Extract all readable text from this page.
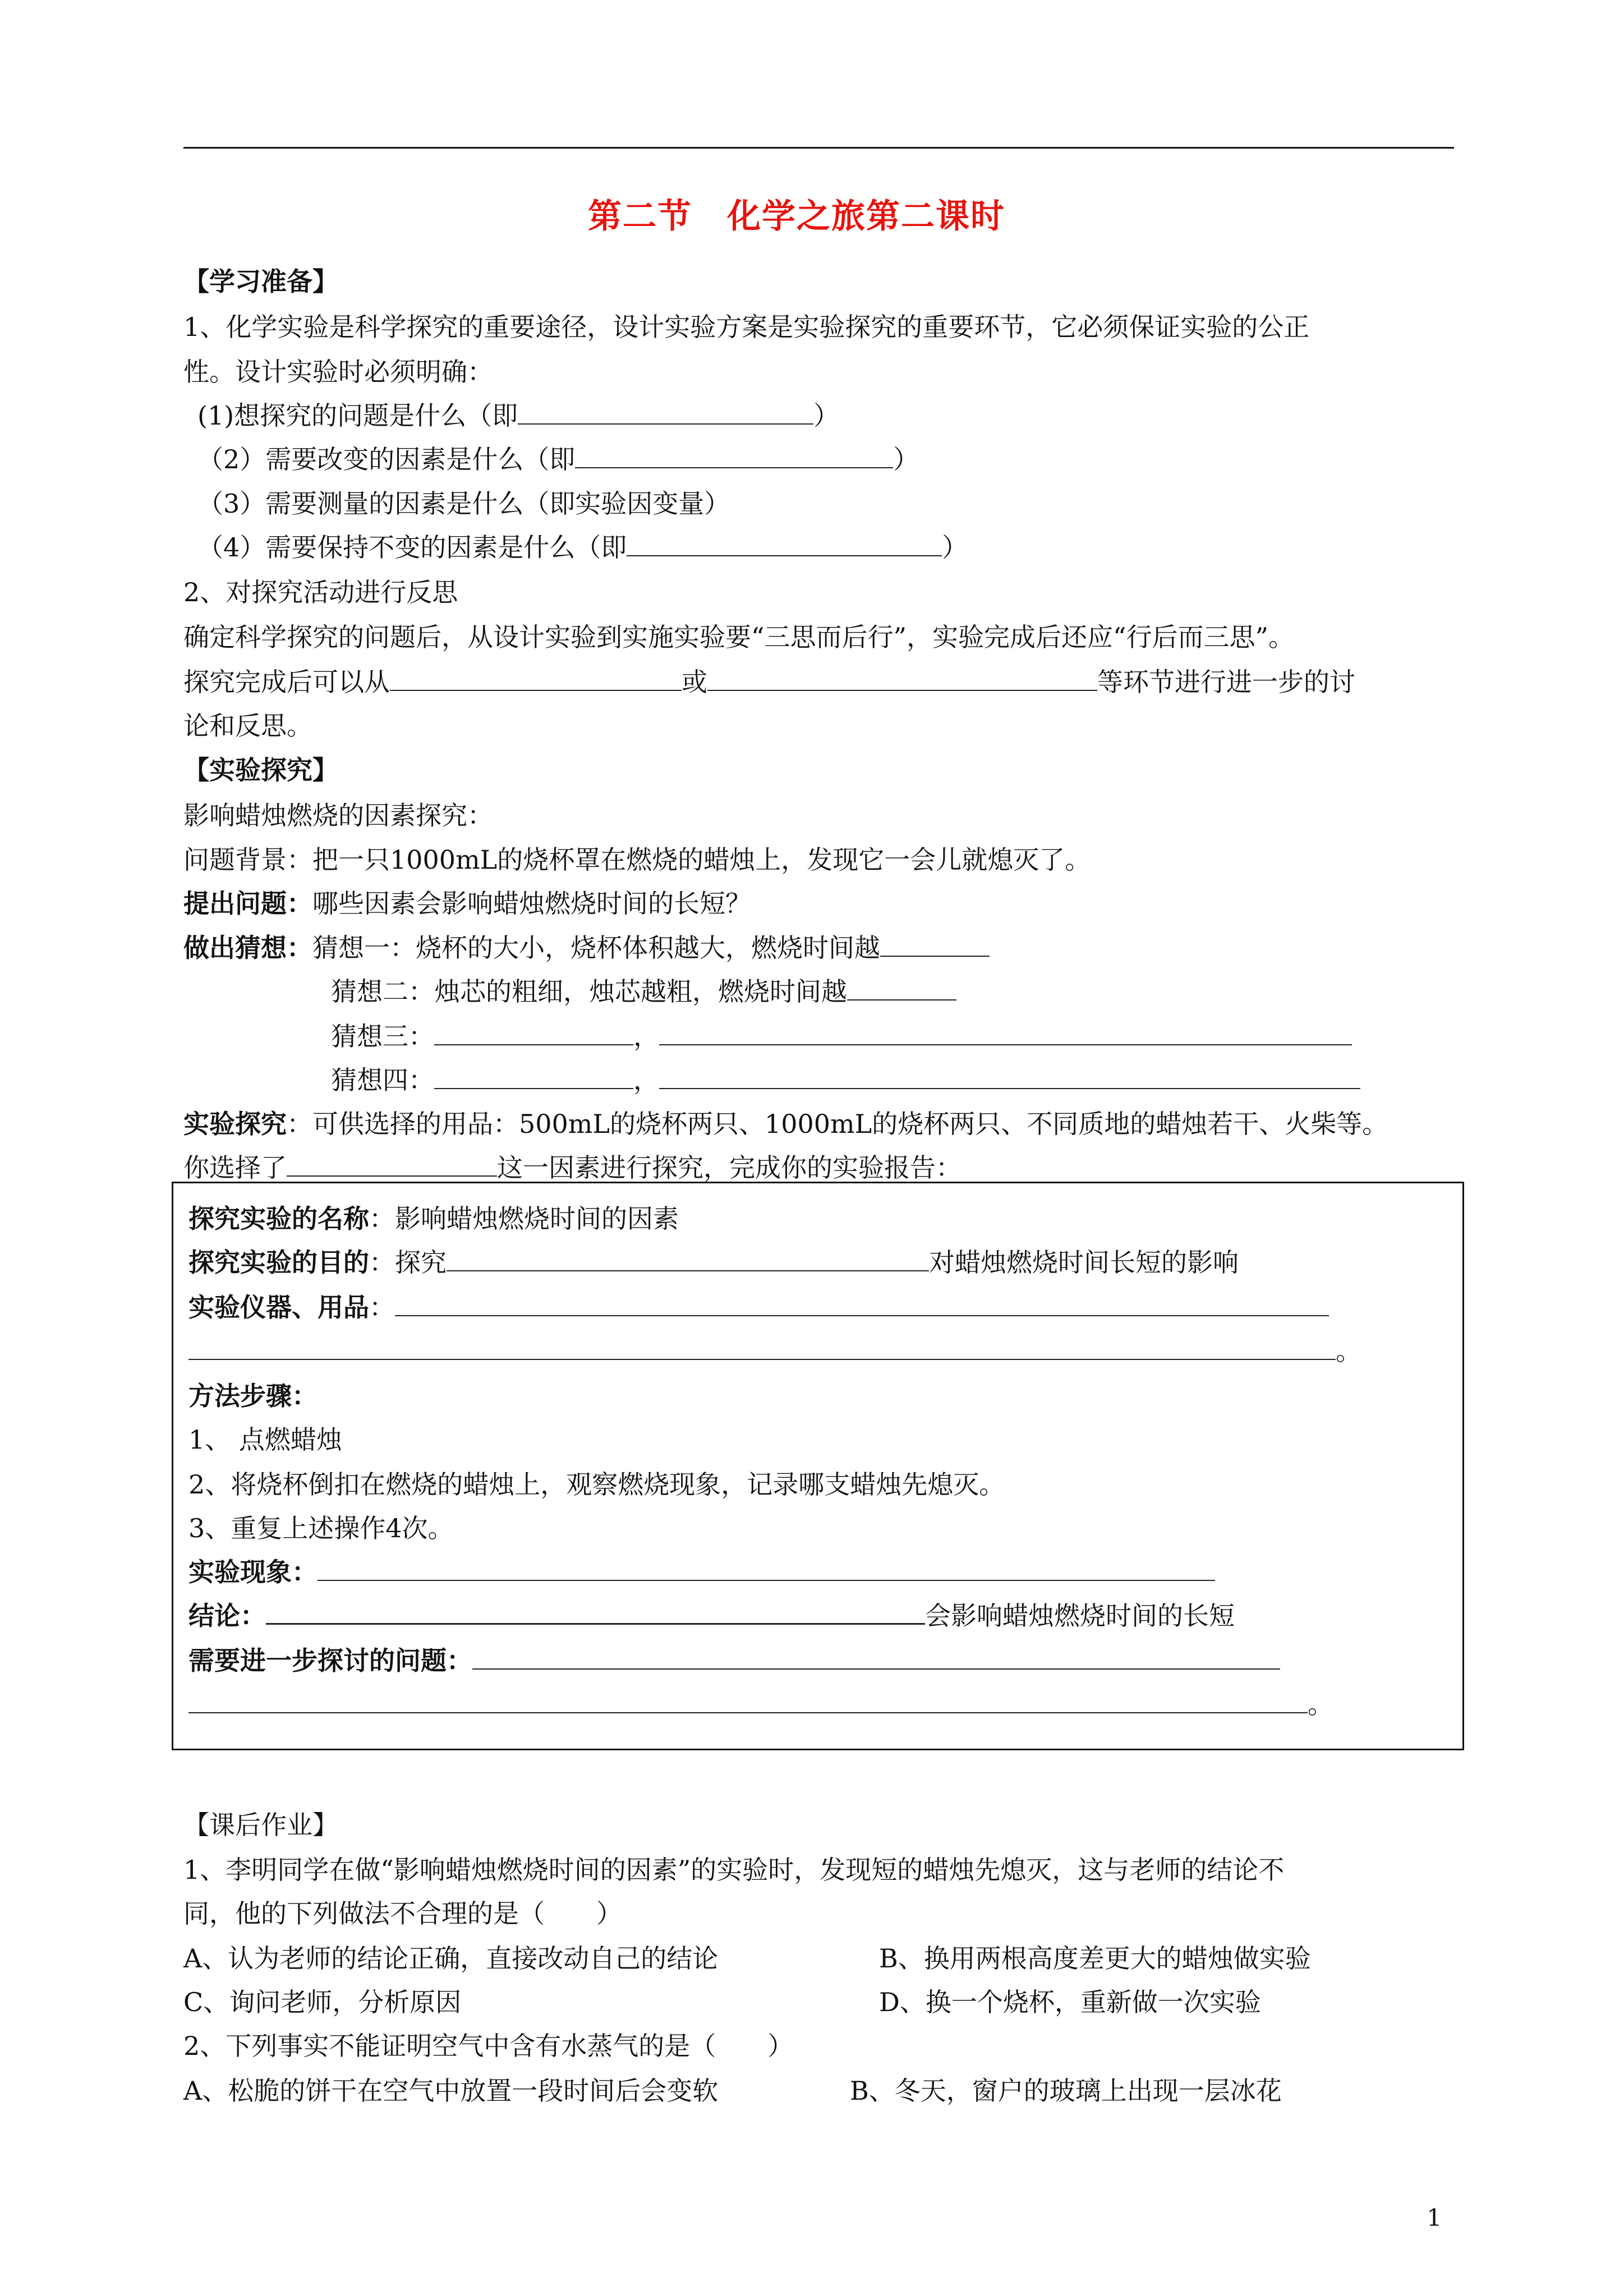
第二节　化学之旅第二课时
【学习准备】
1、化学实验是科学探究的重要途径，设计实验方案是实验探究的重要环节，它必须保证实验的公正
性。设计实验时必须明确：
(1)想探究的问题是什么（即	）
（2）需要改变的因素是什么（即	）
（3）需要测量的因素是什么（即实验因变量）
（4）需要保持不变的因素是什么（即	）
2、对探究活动进行反思
确定科学探究的问题后，从设计实验到实施实验要“三思而后行”，实验完成后还应“行后而三思”。
探究完成后可以从	或	等环节进行进一步的讨
论和反思。
【实验探究】
影响蜡烛燃烧的因素探究：
问题背景：把一只1000mL的烧杯罩在燃烧的蜡烛上，发现它一会儿就熄灭了。
提出问题：哪些因素会影响蜡烛燃烧时间的长短？
做出猜想：猜想一：烧杯的大小，烧杯体积越大，燃烧时间越
猜想二：烛芯的粗细，烛芯越粗，燃烧时间越
猜想三：	，
猜想四：	，
实验探究：可供选择的用品：500mL的烧杯两只、1000mL的烧杯两只、不同质地的蜡烛若干、火柴等。
你选择了	这一因素进行探究，完成你的实验报告：
探究实验的名称：影响蜡烛燃烧时间的因素
探究实验的目的：探究	对蜡烛燃烧时间长短的影响
实验仪器、用品：
。
方法步骤：
1、 点燃蜡烛
2、将烧杯倒扣在燃烧的蜡烛上，观察燃烧现象，记录哪支蜡烛先熄灭。
3、重复上述操作4次。
实验现象：
结论：	会影响蜡烛燃烧时间的长短
需要进一步探讨的问题：
。
【课后作业】
1、李明同学在做“影响蜡烛燃烧时间的因素”的实验时，发现短的蜡烛先熄灭，这与老师的结论不
同，他的下列做法不合理的是（　　）
A、认为老师的结论正确，直接改动自己的结论	B、换用两根高度差更大的蜡烛做实验
C、询问老师，分析原因	D、换一个烧杯，重新做一次实验
2、下列事实不能证明空气中含有水蒸气的是（　　）
A、松脆的饼干在空气中放置一段时间后会变软	B、冬天，窗户的玻璃上出现一层冰花
1
